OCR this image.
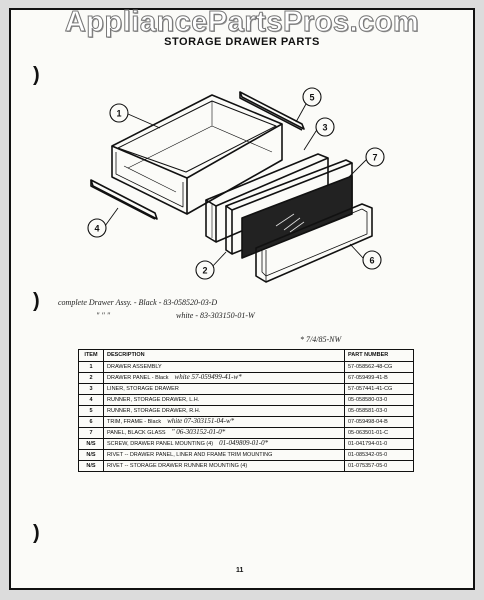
AppliancePartsPros.com
STORAGE DRAWER PARTS
)
)
)
1
2
3
4
5
6
7
complete Drawer Assy. - Black - 83-058520-03-D
" " "	white - 83-303150-01-W
* 7/4/85-NW
ITEM	DESCRIPTION	PART NUMBER
1	DRAWER ASSEMBLY	57-058562-48-CG
2	DRAWER PANEL - Black white 57-059499-41-w*	67-059499-41-B
3	LINER, STORAGE DRAWER	57-057441-41-CG
4	RUNNER, STORAGE DRAWER, L.H.	05-058580-03-0
5	RUNNER, STORAGE DRAWER, R.H.	05-058581-03-0
6	TRIM, FRAME - Black white 07-303151-04-w*	07-059498-04-B
7	PANEL, BLACK GLASS " 06-303152-01-0*	05-063501-01-C
N/S	SCREW, DRAWER PANEL MOUNTING (4) 01-049809-01-0*	01-041794-01-0
N/S	RIVET -- DRAWER PANEL, LINER AND FRAME TRIM MOUNTING	01-085342-05-0
N/S	RIVET -- STORAGE DRAWER RUNNER MOUNTING (4)	01-075357-05-0
11
